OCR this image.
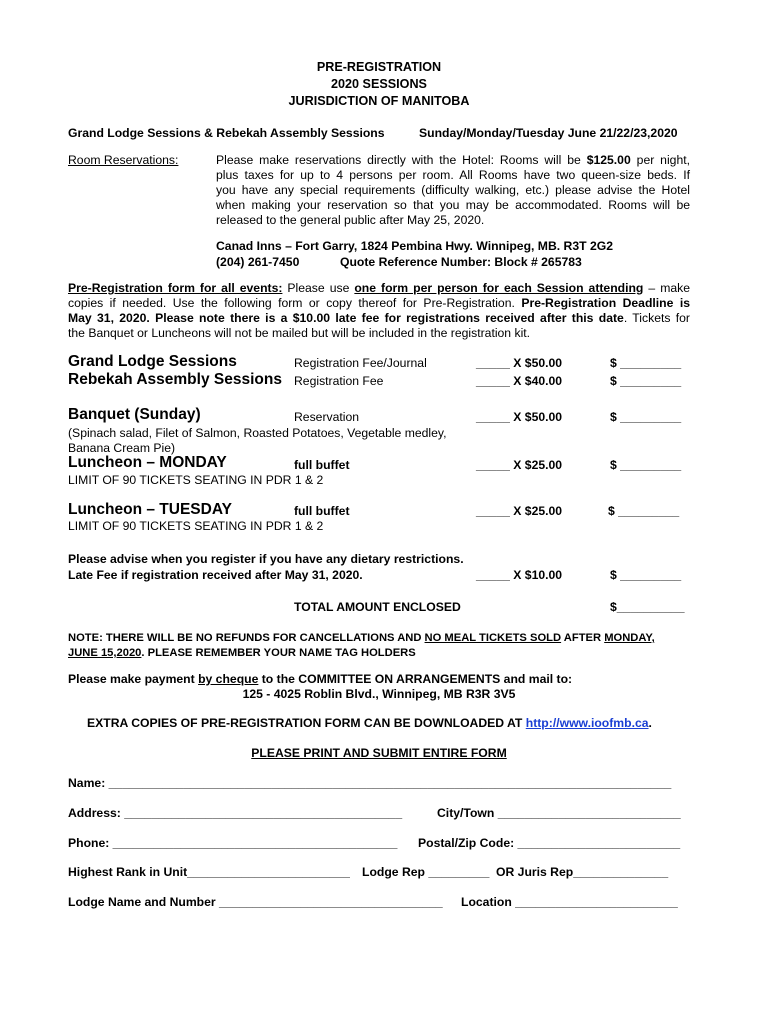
PRE-REGISTRATION
2020 SESSIONS
JURISDICTION OF MANITOBA
Grand Lodge Sessions & Rebekah Assembly Sessions	Sunday/Monday/Tuesday June 21/22/23,2020
Room Reservations:	Please make reservations directly with the Hotel: Rooms will be $125.00 per night,
plus taxes for up to 4 persons per room. All Rooms have two queen-size beds. If
you have any special requirements (difficulty walking, etc.) please advise the Hotel
when making your reservation so that you may be accommodated. Rooms will be
released to the general public after May 25, 2020.
Canad Inns – Fort Garry, 1824 Pembina Hwy. Winnipeg, MB. R3T 2G2
(204) 261-7450	Quote Reference Number: Block # 265783
Pre-Registration form for all events: Please use one form per person for each Session attending – make
copies if needed. Use the following form or copy thereof for Pre-Registration. Pre-Registration Deadline is
May 31, 2020. Please note there is a $10.00 late fee for registrations received after this date. Tickets for
the Banquet or Luncheons will not be mailed but will be included in the registration kit.
Grand Lodge Sessions	Registration Fee/Journal	_____ X $50.00	$ _________
Rebekah Assembly Sessions Registration Fee	_____ X $40.00	$ _________
Banquet (Sunday)	Reservation	_____ X $50.00	$ _________
(Spinach salad, Filet of Salmon, Roasted Potatoes, Vegetable medley,
Banana Cream Pie)
Luncheon – MONDAY	full buffet	_____ X $25.00	$ _________
LIMIT OF 90 TICKETS SEATING IN PDR 1 & 2
Luncheon – TUESDAY	full buffet	_____ X $25.00	$ _________
LIMIT OF 90 TICKETS SEATING IN PDR 1 & 2
Please advise when you register if you have any dietary restrictions.
Late Fee if registration received after May 31, 2020.	_____ X $10.00	$ _________
TOTAL AMOUNT ENCLOSED	$__________
NOTE: THERE WILL BE NO REFUNDS FOR CANCELLATIONS AND NO MEAL TICKETS SOLD AFTER MONDAY,
JUNE 15,2020. PLEASE REMEMBER YOUR NAME TAG HOLDERS
Please make payment by cheque to the COMMITTEE ON ARRANGEMENTS and mail to:
125 - 4025 Roblin Blvd., Winnipeg, MB R3R 3V5
EXTRA COPIES OF PRE-REGISTRATION FORM CAN BE DOWNLOADED AT http://www.ioofmb.ca.
PLEASE PRINT AND SUBMIT ENTIRE FORM
Name: ___________________________________________________________________________________
Address: _________________________________________	City/Town ___________________________
Phone: __________________________________________ Postal/Zip Code: ________________________
Highest Rank in Unit________________________ Lodge Rep _________ OR Juris Rep______________
Lodge Name and Number _________________________________ Location ________________________
